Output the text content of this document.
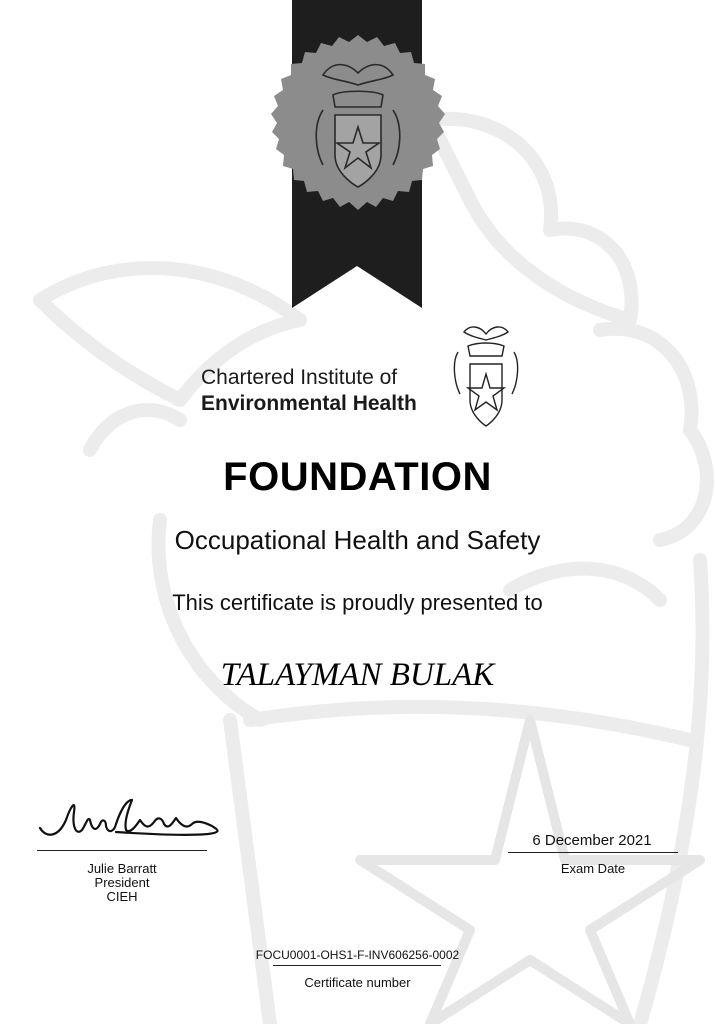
Chartered Institute of
Environmental Health
FOUNDATION
Occupational Health and Safety
This certificate is proudly presented to
TALAYMAN BULAK
Julie Barratt
President
CIEH
6 December 2021
Exam Date
FOCU0001-OHS1-F-INV606256-0002
Certificate number
